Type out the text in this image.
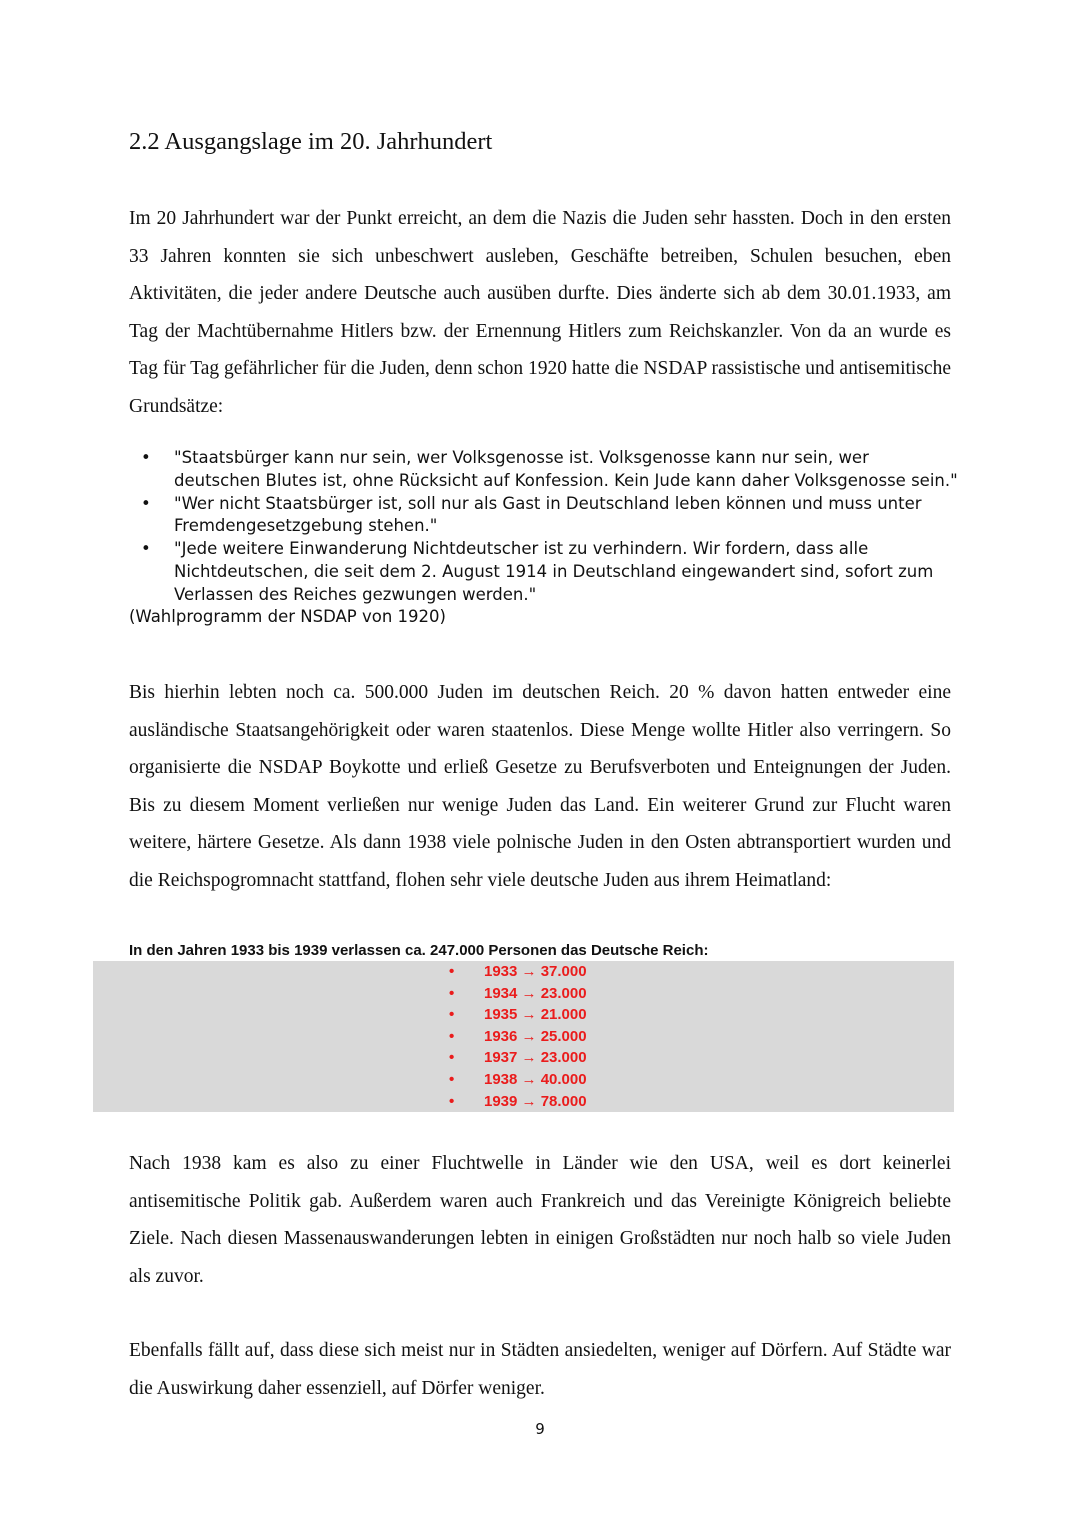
2.2 Ausgangslage im 20. Jahrhundert

Im 20 Jahrhundert war der Punkt erreicht, an dem die Nazis die Juden sehr hassten. Doch in den ersten 33 Jahren konnten sie sich unbeschwert ausleben, Geschäfte betreiben, Schulen besuchen, eben Aktivitäten, die jeder andere Deutsche auch ausüben durfte. Dies änderte sich ab dem 30.01.1933, am Tag der Machtübernahme Hitlers bzw. der Ernennung Hitlers zum Reichskanzler. Von da an wurde es Tag für Tag gefährlicher für die Juden, denn schon 1920 hatte die NSDAP rassistische und antisemitische Grundsätze:

• "Staatsbürger kann nur sein, wer Volksgenosse ist. Volksgenosse kann nur sein, wer deutschen Blutes ist, ohne Rücksicht auf Konfession. Kein Jude kann daher Volksgenosse sein."
• "Wer nicht Staatsbürger ist, soll nur als Gast in Deutschland leben können und muss unter Fremdengesetzgebung stehen."
• "Jede weitere Einwanderung Nichtdeutscher ist zu verhindern. Wir fordern, dass alle Nichtdeutschen, die seit dem 2. August 1914 in Deutschland eingewandert sind, sofort zum Verlassen des Reiches gezwungen werden."
(Wahlprogramm der NSDAP von 1920)

Bis hierhin lebten noch ca. 500.000 Juden im deutschen Reich. 20 % davon hatten entweder eine ausländische Staatsangehörigkeit oder waren staatenlos. Diese Menge wollte Hitler also verringern. So organisierte die NSDAP Boykotte und erließ Gesetze zu Berufsverboten und Enteignungen der Juden. Bis zu diesem Moment verließen nur wenige Juden das Land. Ein weiterer Grund zur Flucht waren weitere, härtere Gesetze. Als dann 1938 viele polnische Juden in den Osten abtransportiert wurden und die Reichspogromnacht stattfand, flohen sehr viele deutsche Juden aus ihrem Heimatland:

In den Jahren 1933 bis 1939 verlassen ca. 247.000 Personen das Deutsche Reich:
• 1933 → 37.000
• 1934 → 23.000
• 1935 → 21.000
• 1936 → 25.000
• 1937 → 23.000
• 1938 → 40.000
• 1939 → 78.000

Nach 1938 kam es also zu einer Fluchtwelle in Länder wie den USA, weil es dort keinerlei antisemitische Politik gab. Außerdem waren auch Frankreich und das Vereinigte Königreich beliebte Ziele. Nach diesen Massenauswanderungen lebten in einigen Großstädten nur noch halb so viele Juden als zuvor.

Ebenfalls fällt auf, dass diese sich meist nur in Städten ansiedelten, weniger auf Dörfern. Auf Städte war die Auswirkung daher essenziell, auf Dörfer weniger.

9
